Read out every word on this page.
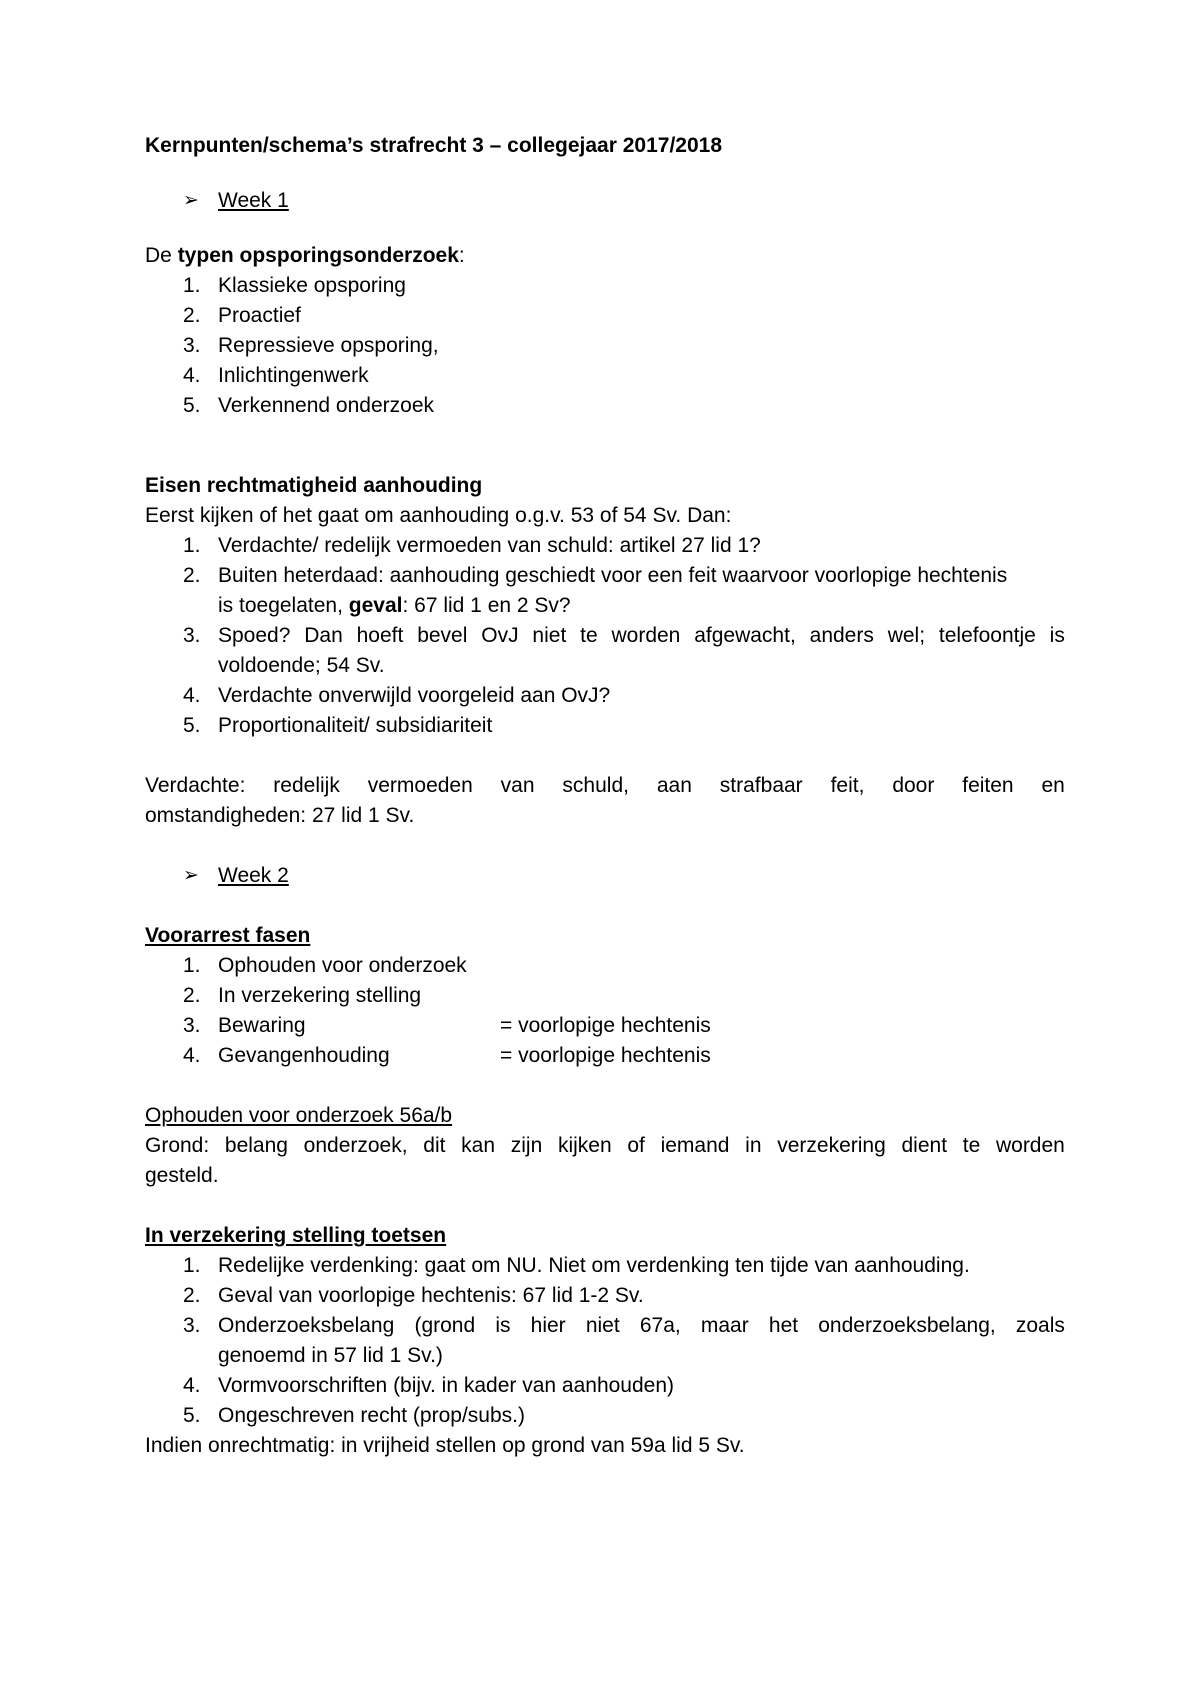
Kernpunten/schema’s strafrecht 3 – collegejaar 2017/2018
➢ Week 1
De typen opsporingsonderzoek:
1. Klassieke opsporing
2. Proactief
3. Repressieve opsporing,
4. Inlichtingenwerk
5. Verkennend onderzoek
Eisen rechtmatigheid aanhouding
Eerst kijken of het gaat om aanhouding o.g.v. 53 of 54 Sv. Dan:
1. Verdachte/ redelijk vermoeden van schuld: artikel 27 lid 1?
2. Buiten heterdaad: aanhouding geschiedt voor een feit waarvoor voorlopige hechtenis
is toegelaten, geval: 67 lid 1 en 2 Sv?
3. Spoed? Dan hoeft bevel OvJ niet te worden afgewacht, anders wel; telefoontje is
voldoende; 54 Sv.
4. Verdachte onverwijld voorgeleid aan OvJ?
5. Proportionaliteit/ subsidiariteit
Verdachte: redelijk vermoeden van schuld, aan strafbaar feit, door feiten en
omstandigheden: 27 lid 1 Sv.
➢ Week 2
Voorarrest fasen
1. Ophouden voor onderzoek
2. In verzekering stelling
3. Bewaring	= voorlopige hechtenis
4. Gevangenhouding	= voorlopige hechtenis
Ophouden voor onderzoek 56a/b
Grond: belang onderzoek, dit kan zijn kijken of iemand in verzekering dient te worden
gesteld.
In verzekering stelling toetsen
1. Redelijke verdenking: gaat om NU. Niet om verdenking ten tijde van aanhouding.
2. Geval van voorlopige hechtenis: 67 lid 1-2 Sv.
3. Onderzoeksbelang (grond is hier niet 67a, maar het onderzoeksbelang, zoals
genoemd in 57 lid 1 Sv.)
4. Vormvoorschriften (bijv. in kader van aanhouden)
5. Ongeschreven recht (prop/subs.)
Indien onrechtmatig: in vrijheid stellen op grond van 59a lid 5 Sv.
